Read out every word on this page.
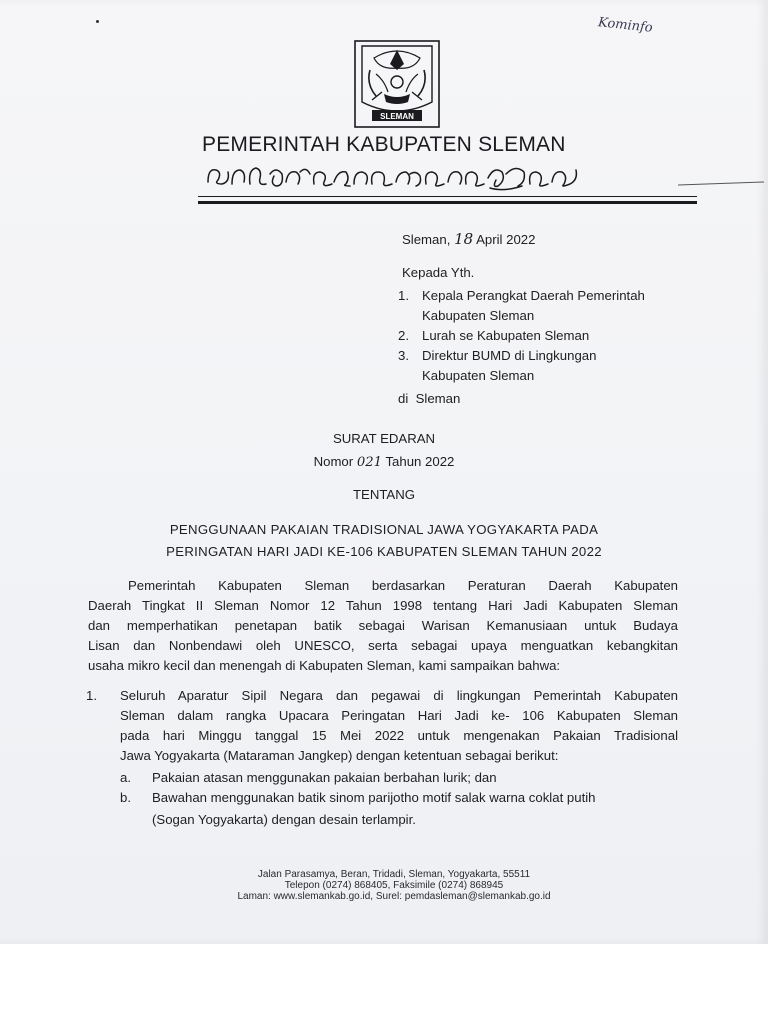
Kominfo
SLEMAN
PEMERINTAH KABUPATEN SLEMAN
Sleman, 18 April 2022
Kepada Yth.
1. Kepala Perangkat Daerah Pemerintah
Kabupaten Sleman
2. Lurah se Kabupaten Sleman
3. Direktur BUMD di Lingkungan
Kabupaten Sleman
di  Sleman
SURAT EDARAN
Nomor 021 Tahun 2022
TENTANG
PENGGUNAAN PAKAIAN TRADISIONAL JAWA YOGYAKARTA PADA
PERINGATAN HARI JADI KE-106 KABUPATEN SLEMAN TAHUN 2022
Pemerintah Kabupaten Sleman berdasarkan Peraturan Daerah Kabupaten
Daerah Tingkat II Sleman Nomor 12 Tahun 1998 tentang Hari Jadi Kabupaten Sleman
dan memperhatikan penetapan batik sebagai Warisan Kemanusiaan untuk Budaya
Lisan dan Nonbendawi oleh UNESCO, serta sebagai upaya menguatkan kebangkitan
usaha mikro kecil dan menengah di Kabupaten Sleman, kami sampaikan bahwa:
1. Seluruh Aparatur Sipil Negara dan pegawai di lingkungan Pemerintah Kabupaten
Sleman dalam rangka Upacara Peringatan Hari Jadi ke- 106 Kabupaten Sleman
pada hari Minggu tanggal 15 Mei 2022 untuk mengenakan Pakaian Tradisional
Jawa Yogyakarta (Mataraman Jangkep) dengan ketentuan sebagai berikut:
a. Pakaian atasan menggunakan pakaian berbahan lurik; dan
b. Bawahan menggunakan batik sinom parijotho motif salak warna coklat putih
(Sogan Yogyakarta) dengan desain terlampir.
Jalan Parasamya, Beran, Tridadi, Sleman, Yogyakarta, 55511
Telepon (0274) 868405, Faksimile (0274) 868945
Laman: www.slemankab.go.id, Surel: pemdasleman@slemankab.go.id
